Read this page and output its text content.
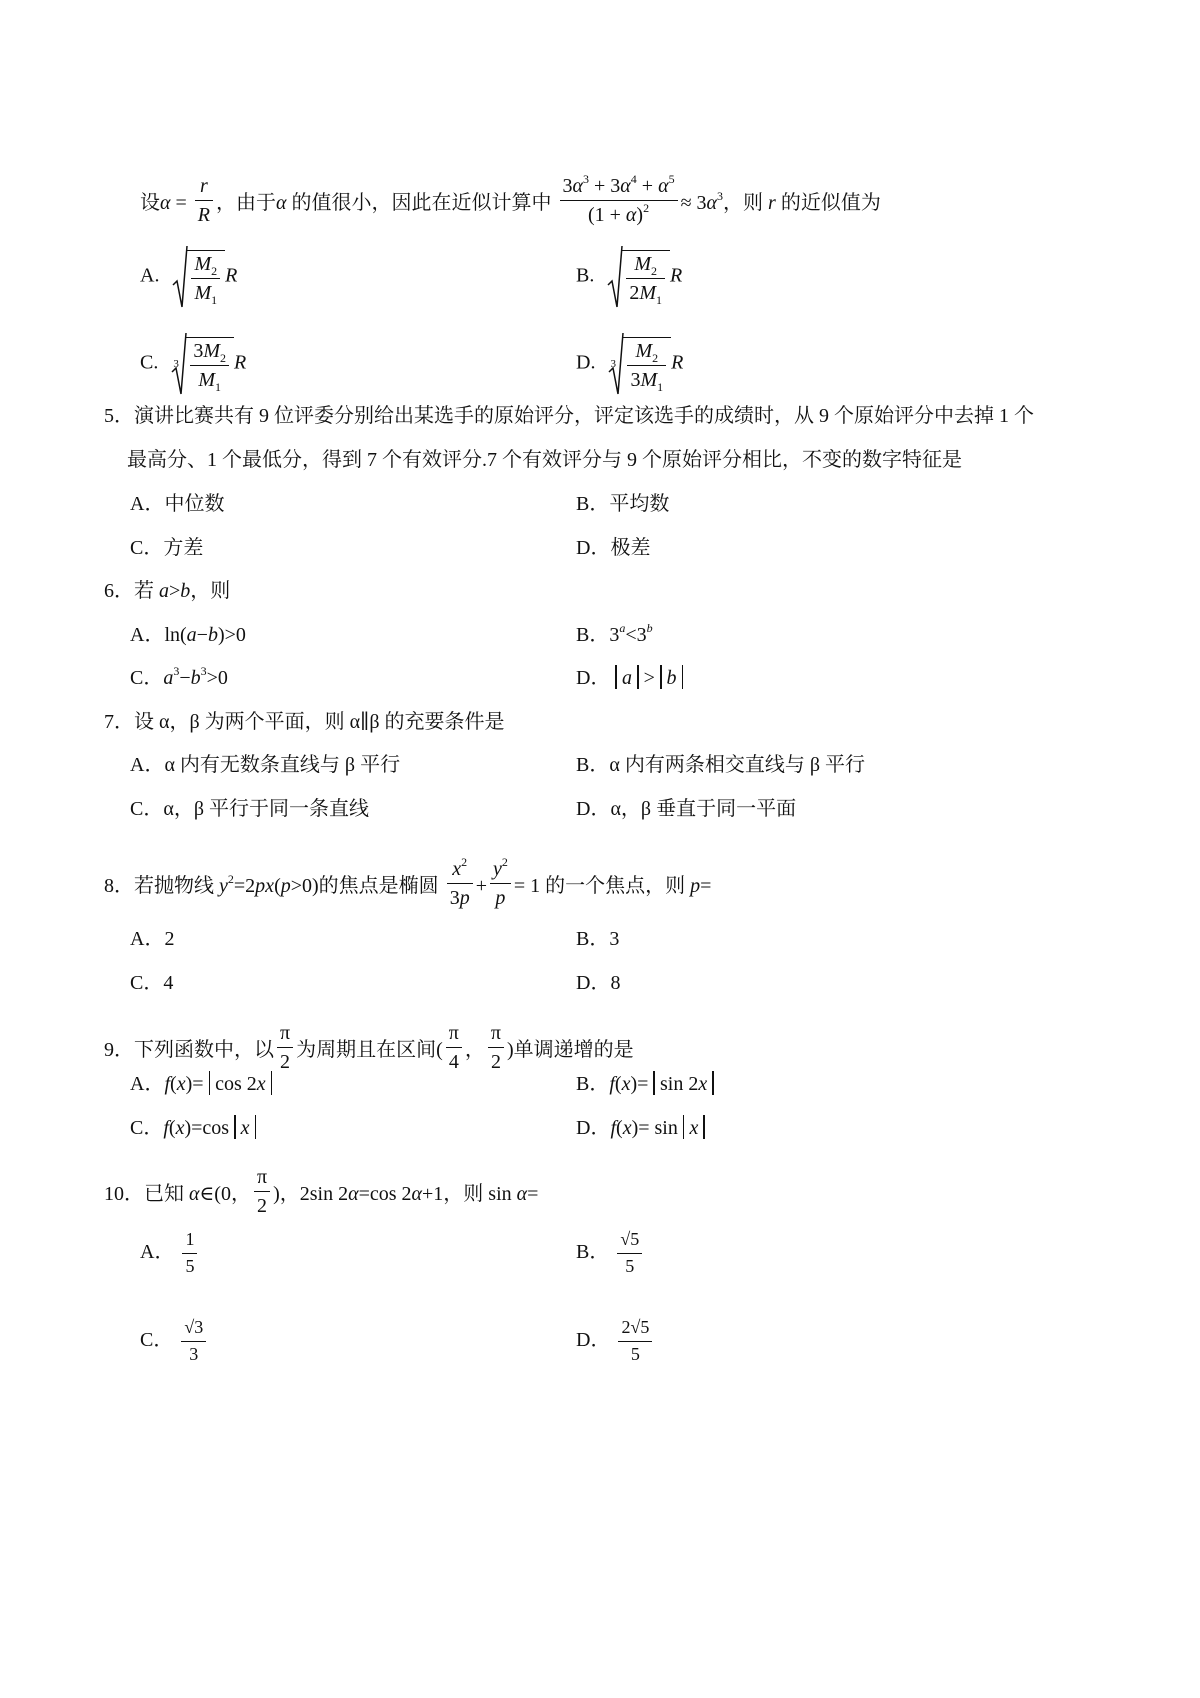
设$\alpha = \frac{r}{R}$ ，由于α 的值很小，因此在近似计算中 $\frac{3\alpha^3 + 3\alpha^4 + \alpha^5}{(1 + \alpha)^2} \approx 3\alpha^3$，则 r 的近似值为
A. $\frac{M_2}{M_1}$ R	B. $\frac{M_2}{2M_1}$ R
C. $3 \frac{3M_2}{M_1}$ R	D. $3 \frac{M_2}{3M_1}$ R
5．演讲比赛共有 9 位评委分别给出某选手的原始评分，评定该选手的成绩时，从 9 个原始评分中去掉 1 个
最高分、1 个最低分，得到 7 个有效评分.7 个有效评分与 9 个原始评分相比，不变的数字特征是
A．中位数	B．平均数
C．方差	D．极差
6．若 a>b，则
A．ln(a−b)>0	B．$3^a<3^b$
C．$a^3-b^3>0$	D． a > b
7．设 α，β 为两个平面，则 α∥β 的充要条件是
A．α 内有无数条直线与 β 平行	B．α 内有两条相交直线与 β 平行
C．α，β 平行于同一条直线	D．α，β 垂直于同一平面
8．若抛物线 $y^2=2px(p>0)$的焦点是椭圆 $\frac{x^2}{3p} + \frac{y^2}{p} = 1$ 的一个焦点，则 p=
A．2	B．3
C．4	D．8
9．下列函数中，以 $\frac{\pi}{2}$ 为周期且在区间( $\frac{\pi}{4}$ ， $\frac{\pi}{2}$ )单调递增的是
A．f(x)= cos 2x	B．f(x)= sin 2x
C．f(x)=cos x	D．f(x)= sin x
10．已知 α∈(0， $\frac{\pi}{2}$ )，2sin 2α=cos 2α+1，则 sin α=
A． $\frac{1}{5}$	B． $\frac{√5}{5}$
C． $\frac{√3}{3}$	D． $\frac{2√5}{5}$
